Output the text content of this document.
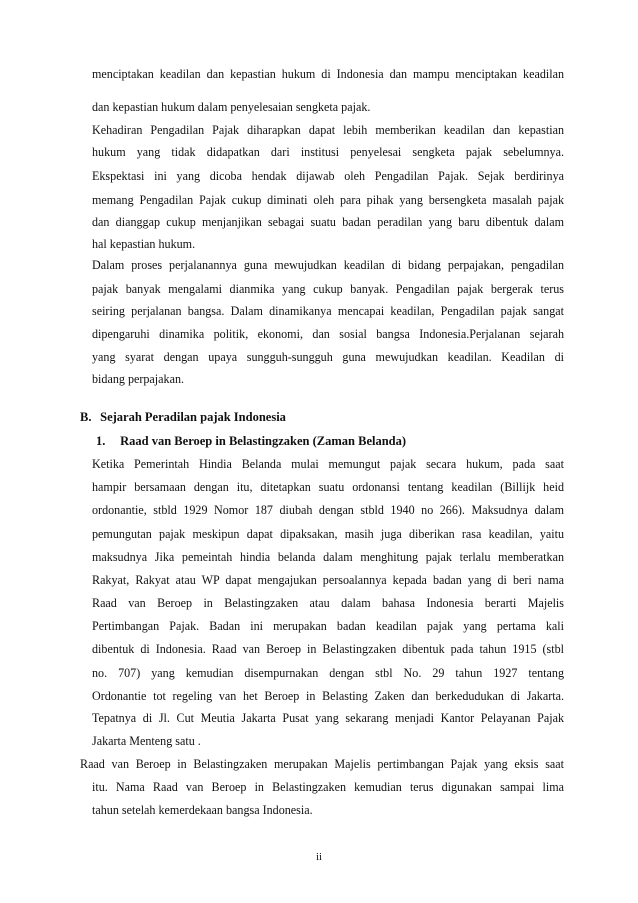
menciptakan keadilan dan kepastian hukum di Indonesia dan mampu menciptakan keadilan
dan kepastian hukum dalam penyelesaian sengketa pajak.
Kehadiran Pengadilan Pajak diharapkan dapat lebih memberikan keadilan dan kepastian
hukum yang tidak didapatkan dari institusi penyelesai sengketa pajak sebelumnya.
Ekspektasi ini yang dicoba hendak dijawab oleh Pengadilan Pajak. Sejak berdirinya
memang Pengadilan Pajak cukup diminati oleh para pihak yang bersengketa masalah pajak
dan dianggap cukup menjanjikan sebagai suatu badan peradilan yang baru dibentuk dalam
hal kepastian hukum.
Dalam proses perjalanannya guna mewujudkan keadilan di bidang perpajakan, pengadilan
pajak banyak mengalami dianmika yang cukup banyak. Pengadilan pajak bergerak terus
seiring perjalanan bangsa. Dalam dinamikanya mencapai keadilan, Pengadilan pajak sangat
dipengaruhi dinamika politik, ekonomi, dan sosial bangsa Indonesia.Perjalanan sejarah
yang syarat dengan upaya sungguh-sungguh guna mewujudkan keadilan. Keadilan di
bidang perpajakan.
B. Sejarah Peradilan pajak Indonesia
1. Raad van Beroep in Belastingzaken (Zaman Belanda)
Ketika Pemerintah Hindia Belanda mulai memungut pajak secara hukum, pada saat
hampir bersamaan dengan itu, ditetapkan suatu ordonansi tentang keadilan (Billijk heid
ordonantie, stbld 1929 Nomor 187 diubah dengan stbld 1940 no 266). Maksudnya dalam
pemungutan pajak meskipun dapat dipaksakan, masih juga diberikan rasa keadilan, yaitu
maksudnya Jika pemeintah hindia belanda dalam menghitung pajak terlalu memberatkan
Rakyat, Rakyat atau WP dapat mengajukan persoalannya kepada badan yang di beri nama
Raad van Beroep in Belastingzaken atau dalam bahasa Indonesia berarti Majelis
Pertimbangan Pajak. Badan ini merupakan badan keadilan pajak yang pertama kali
dibentuk di Indonesia. Raad van Beroep in Belastingzaken dibentuk pada tahun 1915 (stbl
no. 707) yang kemudian disempurnakan dengan stbl No. 29 tahun 1927 tentang
Ordonantie tot regeling van het Beroep in Belasting Zaken dan berkedudukan di Jakarta.
Tepatnya di Jl. Cut Meutia Jakarta Pusat yang sekarang menjadi Kantor Pelayanan Pajak
Jakarta Menteng satu .
Raad van Beroep in Belastingzaken merupakan Majelis pertimbangan Pajak yang eksis saat
itu. Nama Raad van Beroep in Belastingzaken kemudian terus digunakan sampai lima
tahun setelah kemerdekaan bangsa Indonesia.
ii
